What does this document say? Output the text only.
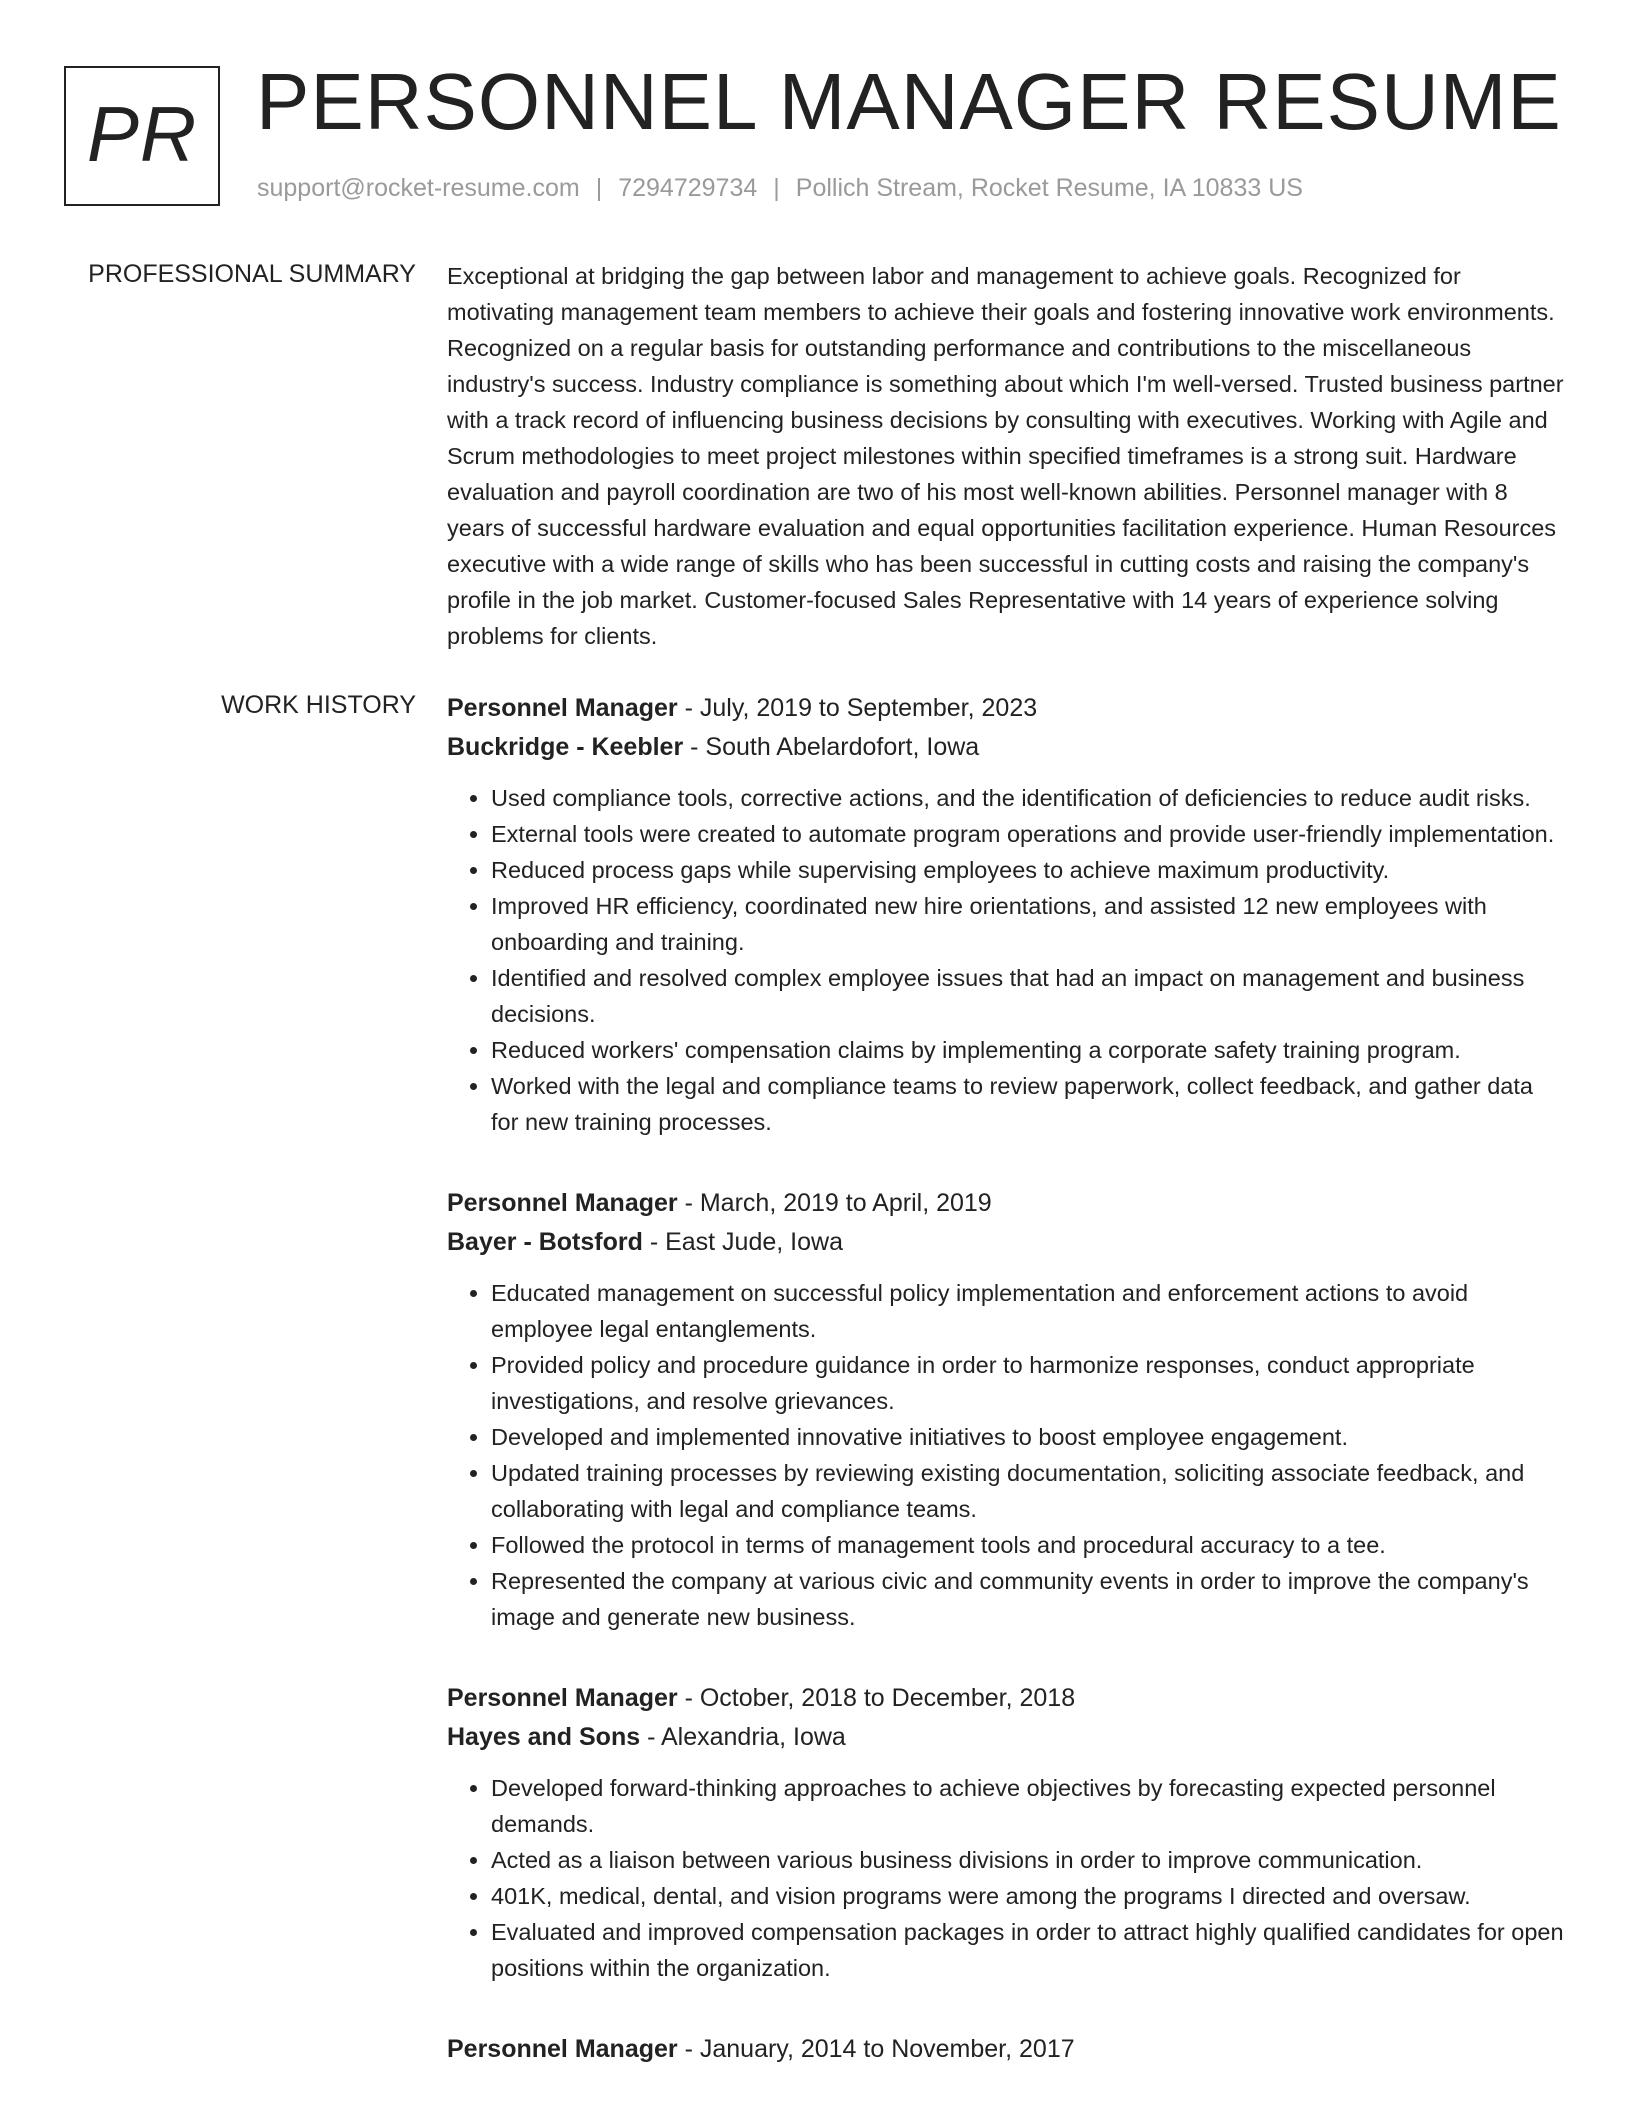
PR PERSONNEL MANAGER RESUME
support@rocket-resume.com | 7294729734 | Pollich Stream, Rocket Resume, IA 10833 US
PROFESSIONAL SUMMARY Exceptional at bridging the gap between labor and management to achieve goals. Recognized for motivating management team members to achieve their goals and fostering innovative work environments. Recognized on a regular basis for outstanding performance and contributions to the miscellaneous industry's success. Industry compliance is something about which I'm well-versed. Trusted business partner with a track record of influencing business decisions by consulting with executives. Working with Agile and Scrum methodologies to meet project milestones within specified timeframes is a strong suit. Hardware evaluation and payroll coordination are two of his most well-known abilities. Personnel manager with 8 years of successful hardware evaluation and equal opportunities facilitation experience. Human Resources executive with a wide range of skills who has been successful in cutting costs and raising the company's profile in the job market. Customer-focused Sales Representative with 14 years of experience solving problems for clients.

WORK HISTORY Personnel Manager - July, 2019 to September, 2023
Buckridge - Keebler - South Abelardofort, Iowa
• Used compliance tools, corrective actions, and the identification of deficiencies to reduce audit risks.
• External tools were created to automate program operations and provide user-friendly implementation.
• Reduced process gaps while supervising employees to achieve maximum productivity.
• Improved HR efficiency, coordinated new hire orientations, and assisted 12 new employees with onboarding and training.
• Identified and resolved complex employee issues that had an impact on management and business decisions.
• Reduced workers' compensation claims by implementing a corporate safety training program.
• Worked with the legal and compliance teams to review paperwork, collect feedback, and gather data for new training processes.
Personnel Manager - March, 2019 to April, 2019
Bayer - Botsford - East Jude, Iowa
• Educated management on successful policy implementation and enforcement actions to avoid employee legal entanglements.
• Provided policy and procedure guidance in order to harmonize responses, conduct appropriate investigations, and resolve grievances.
• Developed and implemented innovative initiatives to boost employee engagement.
• Updated training processes by reviewing existing documentation, soliciting associate feedback, and collaborating with legal and compliance teams.
• Followed the protocol in terms of management tools and procedural accuracy to a tee.
• Represented the company at various civic and community events in order to improve the company's image and generate new business.
Personnel Manager - October, 2018 to December, 2018
Hayes and Sons - Alexandria, Iowa
• Developed forward-thinking approaches to achieve objectives by forecasting expected personnel demands.
• Acted as a liaison between various business divisions in order to improve communication.
• 401K, medical, dental, and vision programs were among the programs I directed and oversaw.
• Evaluated and improved compensation packages in order to attract highly qualified candidates for open positions within the organization.
Personnel Manager - January, 2014 to November, 2017
